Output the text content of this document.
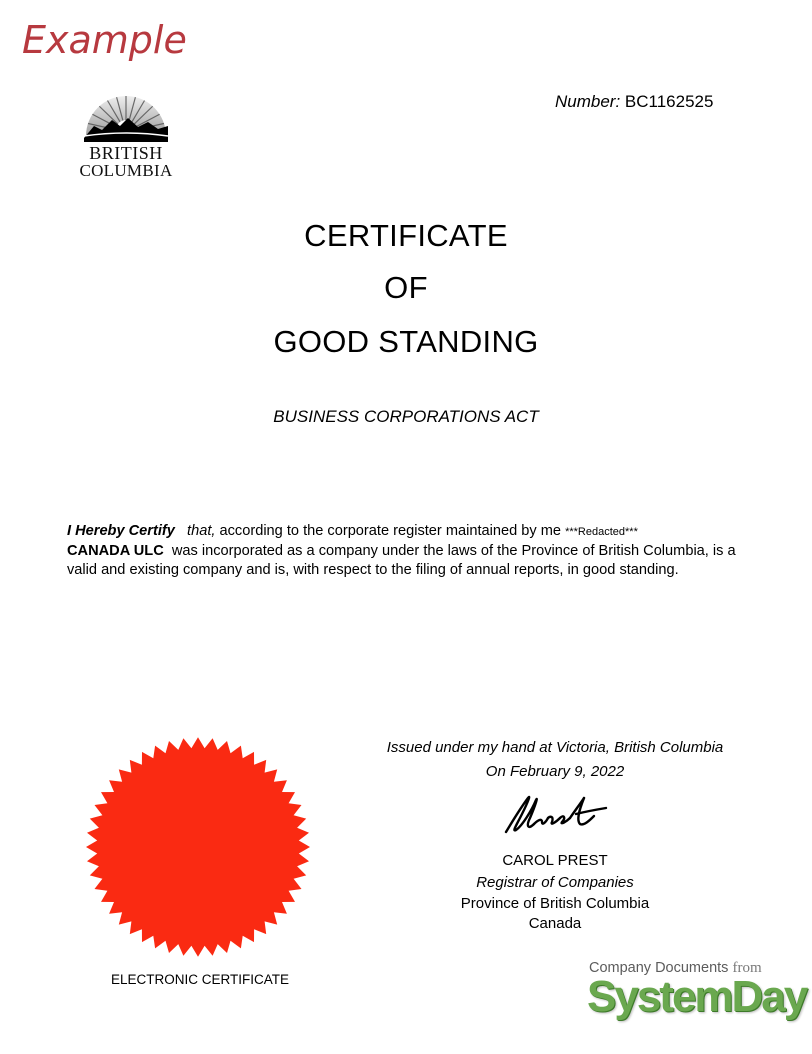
Example
BRITISH
COLUMBIA
Number: BC1162525
CERTIFICATE
OF
GOOD STANDING
BUSINESS CORPORATIONS ACT
I Hereby Certify that, according to the corporate register maintained by me ***Redacted***
CANADA ULC was incorporated as a company under the laws of the Province of British Columbia, is a valid and existing company and is, with respect to the filing of annual reports, in good standing.
Issued under my hand at Victoria, British Columbia
On February 9, 2022
CAROL PREST
Registrar of Companies
Province of British Columbia
Canada
ELECTRONIC CERTIFICATE
Company Documents from
SystemDay
